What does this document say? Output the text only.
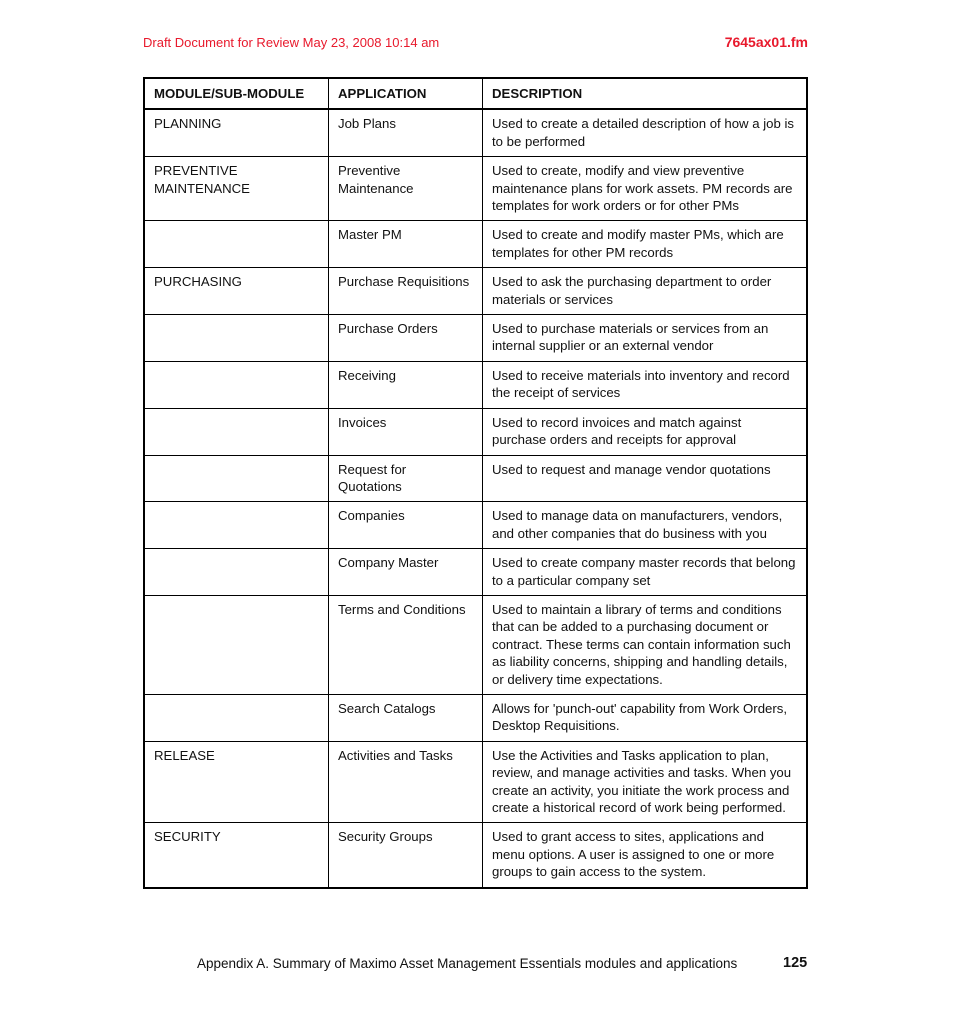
Draft Document for Review May 23, 2008 10:14 am	7645ax01.fm
MODULE/SUB-MODULE	APPLICATION	DESCRIPTION
PLANNING	Job Plans	Used to create a detailed description of how a job is to be performed
PREVENTIVE MAINTENANCE	Preventive Maintenance	Used to create, modify and view preventive maintenance plans for work assets. PM records are templates for work orders or for other PMs
	Master PM	Used to create and modify master PMs, which are templates for other PM records
PURCHASING	Purchase Requisitions	Used to ask the purchasing department to order materials or services
	Purchase Orders	Used to purchase materials or services from an internal supplier or an external vendor
	Receiving	Used to receive materials into inventory and record the receipt of services
	Invoices	Used to record invoices and match against purchase orders and receipts for approval
	Request for Quotations	Used to request and manage vendor quotations
	Companies	Used to manage data on manufacturers, vendors, and other companies that do business with you
	Company Master	Used to create company master records that belong to a particular company set
	Terms and Conditions	Used to maintain a library of terms and conditions that can be added to a purchasing document or contract. These terms can contain information such as liability concerns, shipping and handling details, or delivery time expectations.
	Search Catalogs	Allows for 'punch-out' capability from Work Orders, Desktop Requisitions.
RELEASE	Activities and Tasks	Use the Activities and Tasks application to plan, review, and manage activities and tasks. When you create an activity, you initiate the work process and create a historical record of work being performed.
SECURITY	Security Groups	Used to grant access to sites, applications and menu options. A user is assigned to one or more groups to gain access to the system.
Appendix A. Summary of Maximo Asset Management Essentials modules and applications	125
